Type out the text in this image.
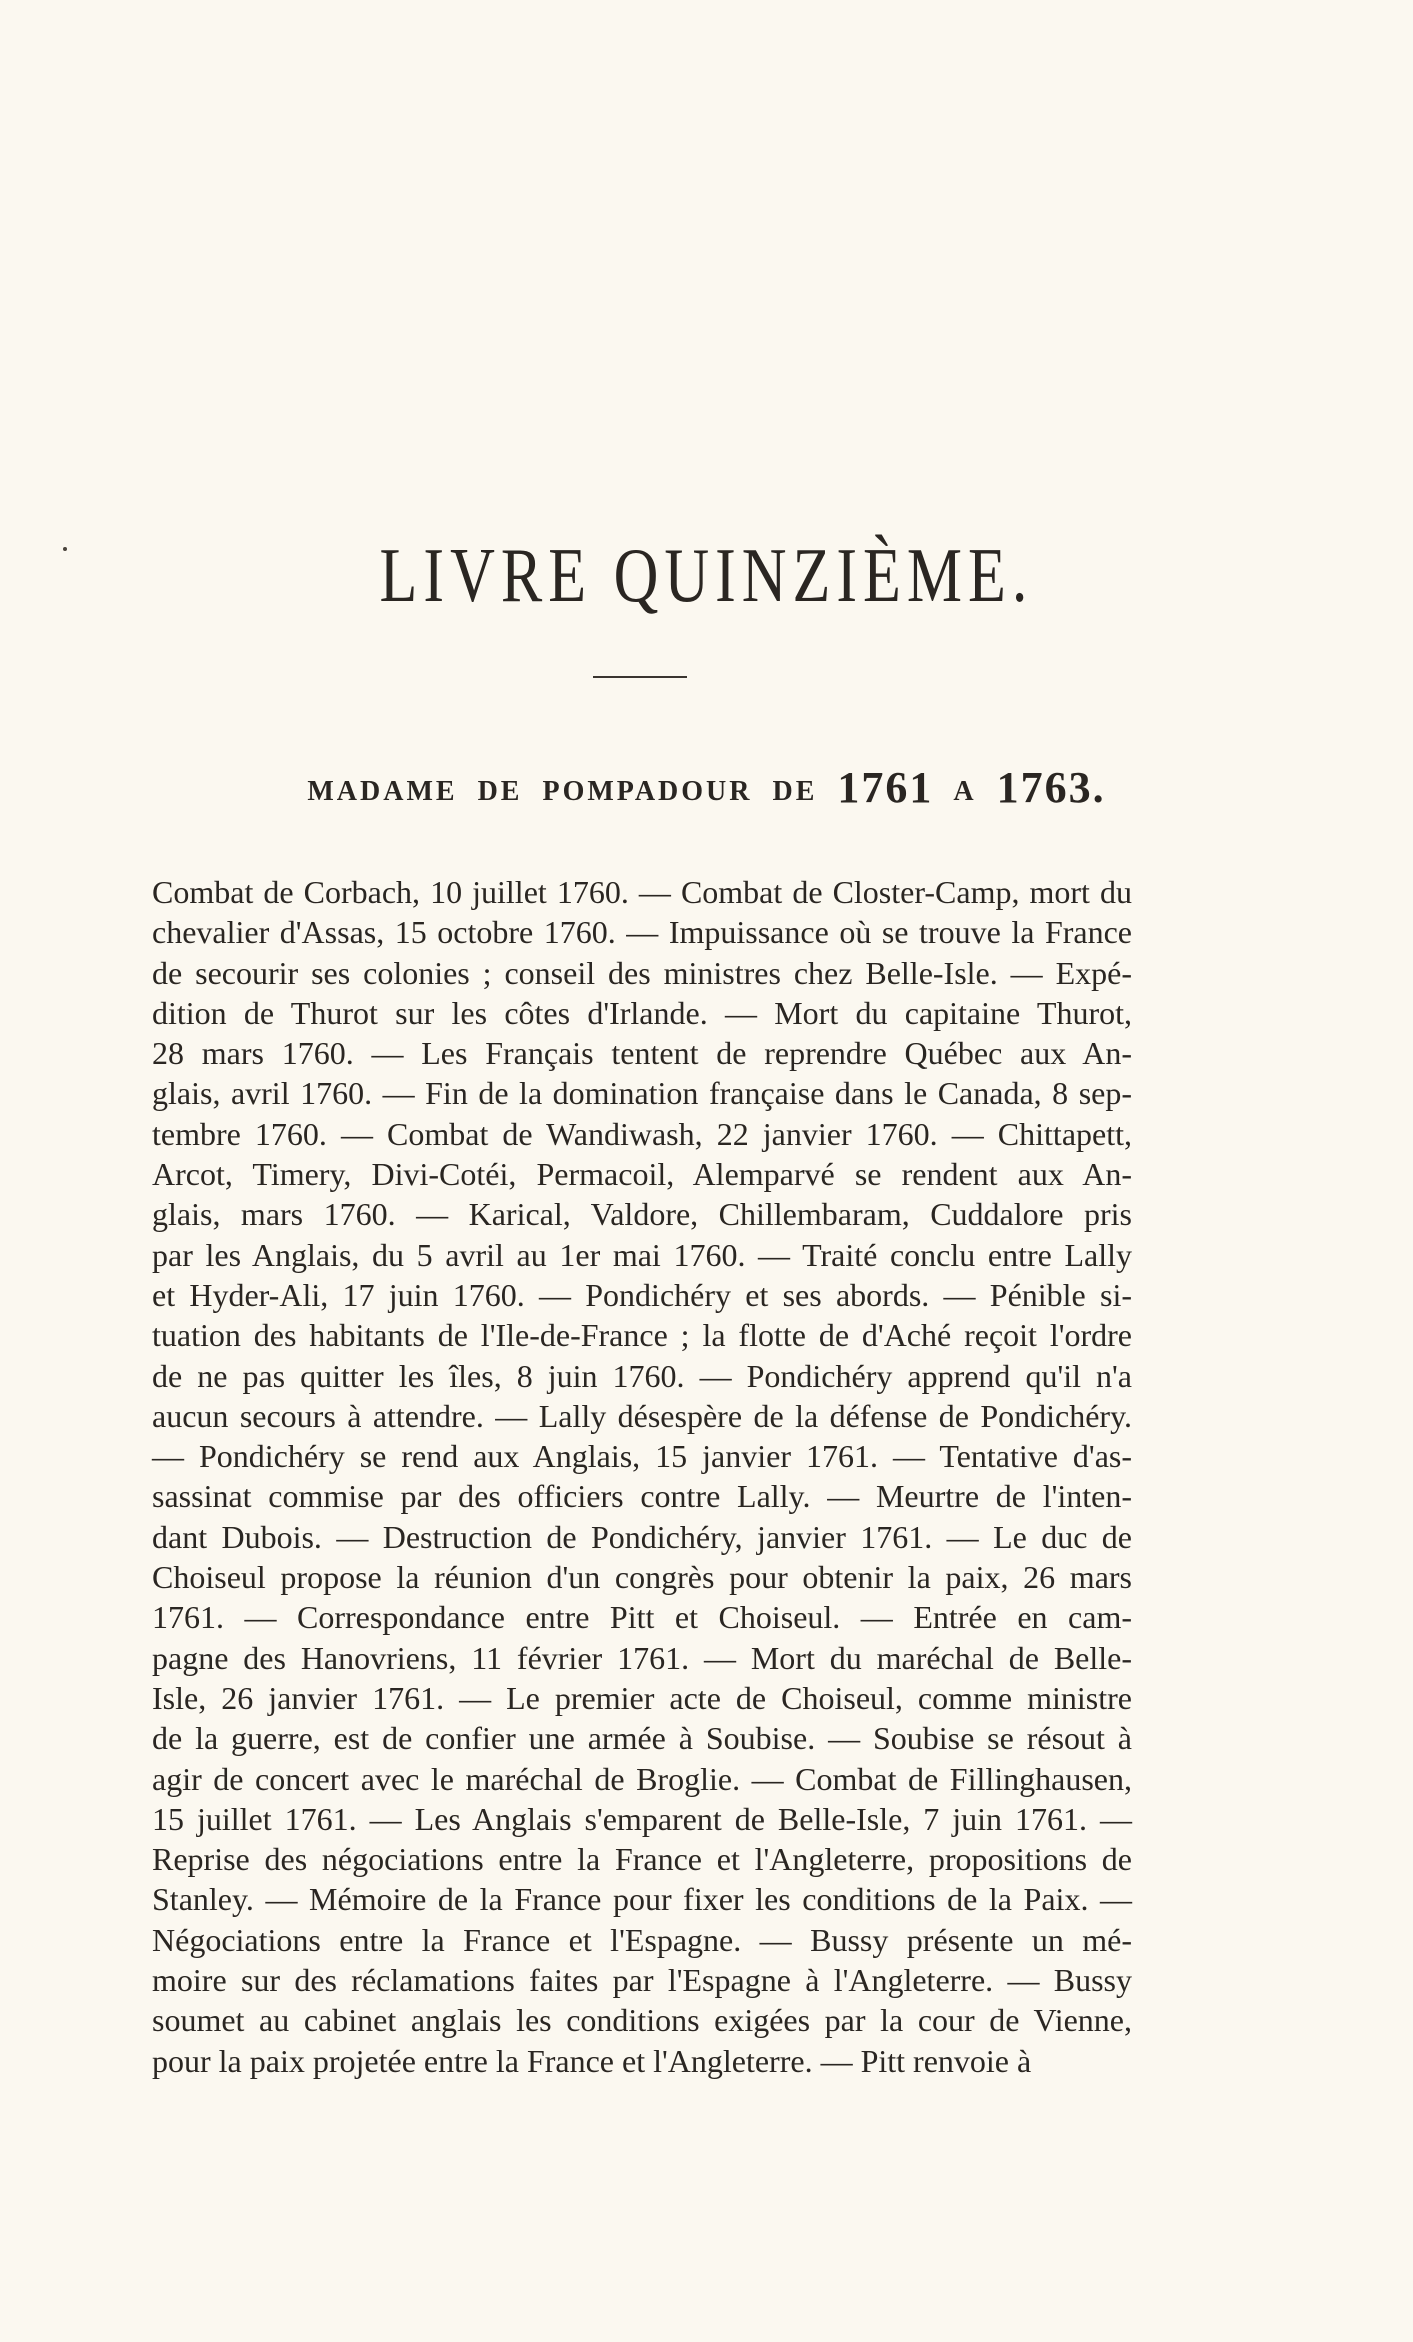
LIVRE QUINZIÈME.
MADAME DE POMPADOUR DE 1761 A 1763.
Combat de Corbach, 10 juillet 1760. — Combat de Closter-Camp, mort du
chevalier d'Assas, 15 octobre 1760. — Impuissance où se trouve la France
de secourir ses colonies ; conseil des ministres chez Belle-Isle. — Expé-
dition de Thurot sur les côtes d'Irlande. — Mort du capitaine Thurot,
28 mars 1760. — Les Français tentent de reprendre Québec aux An-
glais, avril 1760. — Fin de la domination française dans le Canada, 8 sep-
tembre 1760. — Combat de Wandiwash, 22 janvier 1760. — Chittapett,
Arcot, Timery, Divi-Cotéi, Permacoil, Alemparvé se rendent aux An-
glais, mars 1760. — Karical, Valdore, Chillembaram, Cuddalore pris
par les Anglais, du 5 avril au 1er mai 1760. — Traité conclu entre Lally
et Hyder-Ali, 17 juin 1760. — Pondichéry et ses abords. — Pénible si-
tuation des habitants de l'Ile-de-France ; la flotte de d'Aché reçoit l'ordre
de ne pas quitter les îles, 8 juin 1760. — Pondichéry apprend qu'il n'a
aucun secours à attendre. — Lally désespère de la défense de Pondichéry.
— Pondichéry se rend aux Anglais, 15 janvier 1761. — Tentative d'as-
sassinat commise par des officiers contre Lally. — Meurtre de l'inten-
dant Dubois. — Destruction de Pondichéry, janvier 1761. — Le duc de
Choiseul propose la réunion d'un congrès pour obtenir la paix, 26 mars
1761. — Correspondance entre Pitt et Choiseul. — Entrée en cam-
pagne des Hanovriens, 11 février 1761. — Mort du maréchal de Belle-
Isle, 26 janvier 1761. — Le premier acte de Choiseul, comme ministre
de la guerre, est de confier une armée à Soubise. — Soubise se résout à
agir de concert avec le maréchal de Broglie. — Combat de Fillinghausen,
15 juillet 1761. — Les Anglais s'emparent de Belle-Isle, 7 juin 1761. —
Reprise des négociations entre la France et l'Angleterre, propositions de
Stanley. — Mémoire de la France pour fixer les conditions de la Paix. —
Négociations entre la France et l'Espagne. — Bussy présente un mé-
moire sur des réclamations faites par l'Espagne à l'Angleterre. — Bussy
soumet au cabinet anglais les conditions exigées par la cour de Vienne,
pour la paix projetée entre la France et l'Angleterre. — Pitt renvoie à
